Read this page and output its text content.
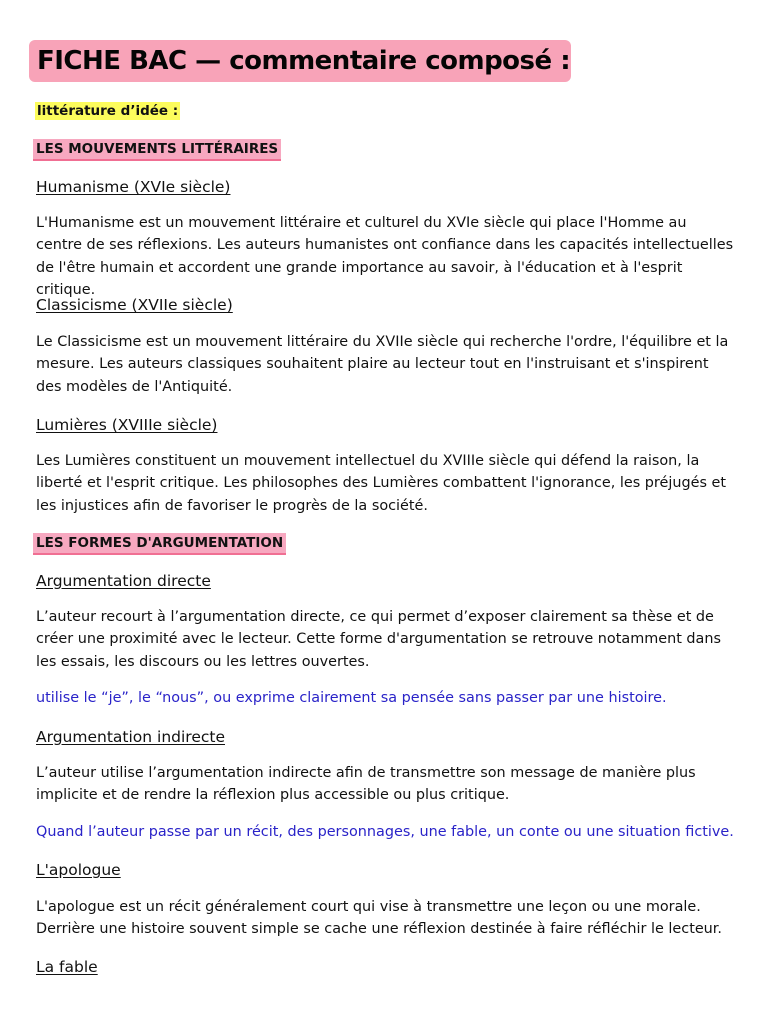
FICHE BAC — commentaire composé :
littérature d’idée :
LES MOUVEMENTS LITTÉRAIRES
Humanisme (XVIe siècle)

L'Humanisme est un mouvement littéraire et culturel du XVIe siècle qui place l'Homme au centre de ses réflexions. Les auteurs humanistes ont confiance dans les capacités intellectuelles de l'être humain et accordent une grande importance au savoir, à l'éducation et à l'esprit critique.

Classicisme (XVIIe siècle)

Le Classicisme est un mouvement littéraire du XVIIe siècle qui recherche l'ordre, l'équilibre et la mesure. Les auteurs classiques souhaitent plaire au lecteur tout en l'instruisant et s'inspirent des modèles de l'Antiquité.

Lumières (XVIIIe siècle)

Les Lumières constituent un mouvement intellectuel du XVIIIe siècle qui défend la raison, la liberté et l'esprit critique. Les philosophes des Lumières combattent l'ignorance, les préjugés et les injustices afin de favoriser le progrès de la société.

LES FORMES D'ARGUMENTATION
Argumentation directe

L’auteur recourt à l’argumentation directe, ce qui permet d’exposer clairement sa thèse et de créer une proximité avec le lecteur. Cette forme d'argumentation se retrouve notamment dans les essais, les discours ou les lettres ouvertes.

utilise le “je”, le “nous”, ou exprime clairement sa pensée sans passer par une histoire.

Argumentation indirecte

L’auteur utilise l’argumentation indirecte afin de transmettre son message de manière plus implicite et de rendre la réflexion plus accessible ou plus critique.

Quand l’auteur passe par un récit, des personnages, une fable, un conte ou une situation fictive.

L'apologue

L'apologue est un récit généralement court qui vise à transmettre une leçon ou une morale. Derrière une histoire souvent simple se cache une réflexion destinée à faire réfléchir le lecteur.

La fable
